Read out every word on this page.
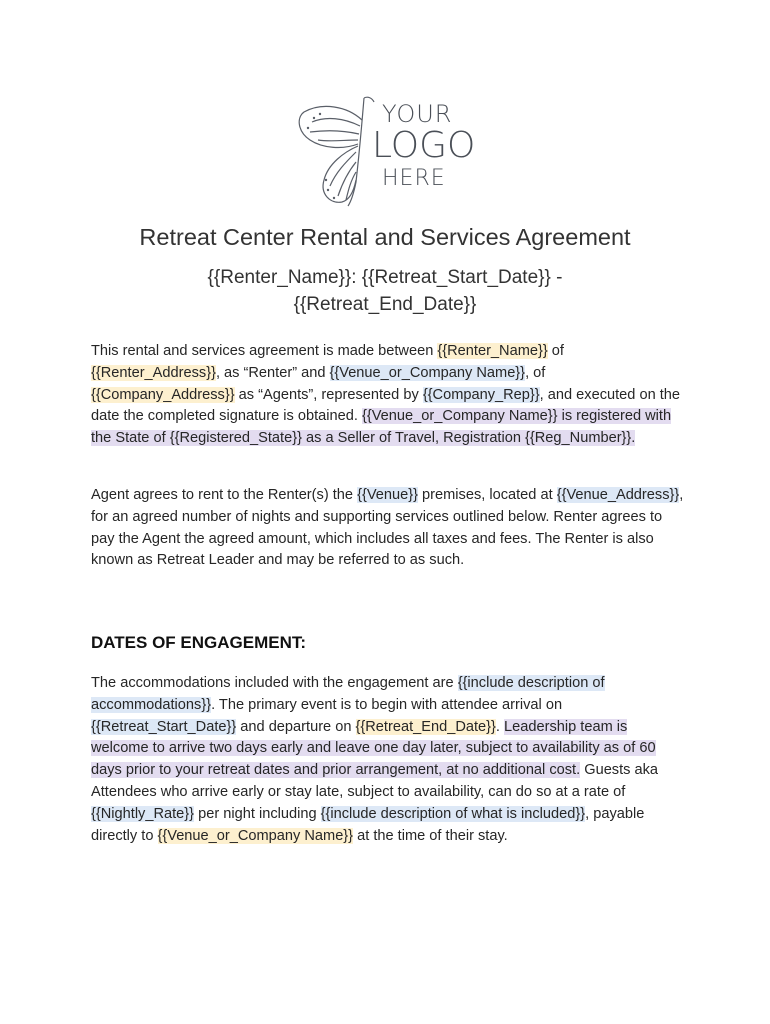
YOUR
LOGO
HERE
Retreat Center Rental and Services Agreement
{{Renter_Name}}: {{Retreat_Start_Date}} -
{{Retreat_End_Date}}

This rental and services agreement is made between {{Renter_Name}} of {{Renter_Address}}, as “Renter” and {{Venue_or_Company Name}}, of {{Company_Address}} as “Agents”, represented by {{Company_Rep}}, and executed on the date the completed signature is obtained. {{Venue_or_Company Name}} is registered with the State of {{Registered_State}} as a Seller of Travel, Registration {{Reg_Number}}.

Agent agrees to rent to the Renter(s) the {{Venue}} premises, located at {{Venue_Address}}, for an agreed number of nights and supporting services outlined below. Renter agrees to pay the Agent the agreed amount, which includes all taxes and fees. The Renter is also known as Retreat Leader and may be referred to as such.

DATES OF ENGAGEMENT:

The accommodations included with the engagement are {{include description of accommodations}}. The primary event is to begin with attendee arrival on {{Retreat_Start_Date}} and departure on {{Retreat_End_Date}}. Leadership team is welcome to arrive two days early and leave one day later, subject to availability as of 60 days prior to your retreat dates and prior arrangement, at no additional cost. Guests aka Attendees who arrive early or stay late, subject to availability, can do so at a rate of {{Nightly_Rate}} per night including {{include description of what is included}}, payable directly to {{Venue_or_Company Name}} at the time of their stay.
